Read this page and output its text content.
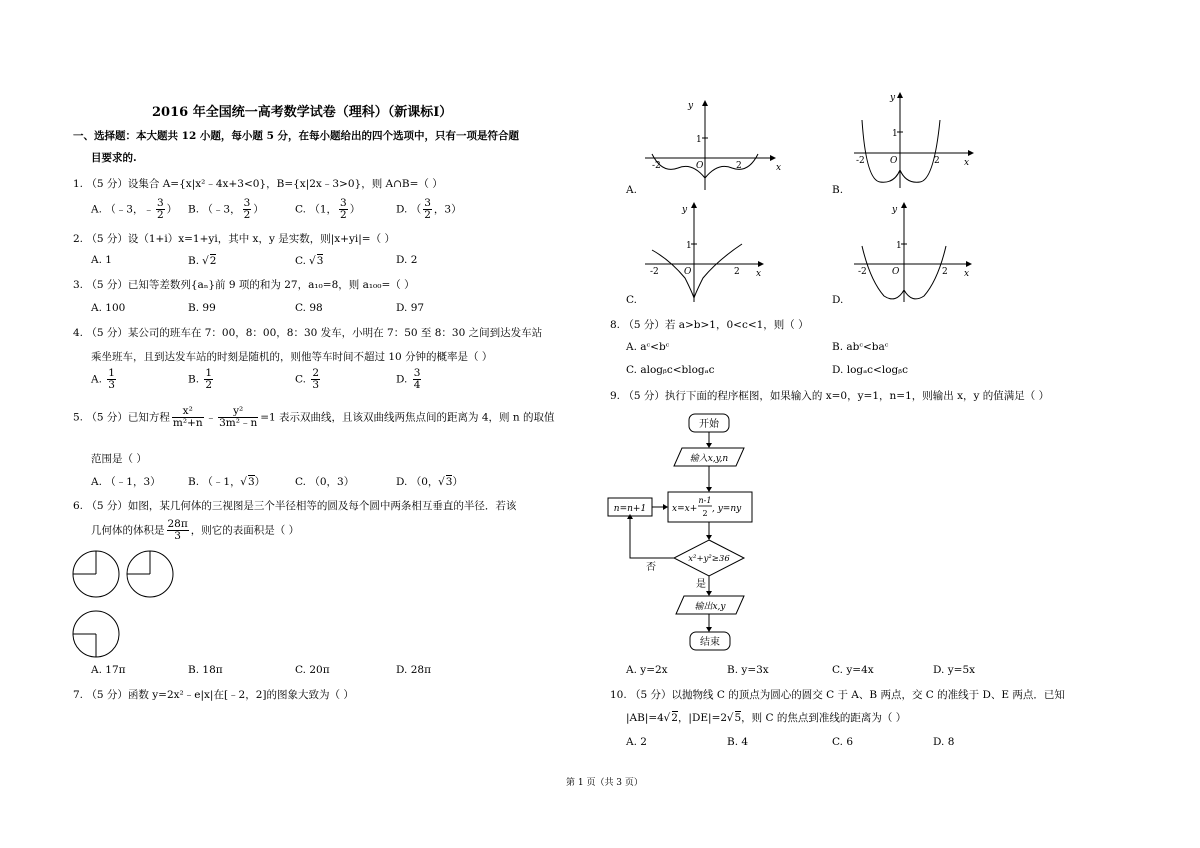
2016 年全国统一高考数学试卷（理科）（新课标Ⅰ）
一、选择题：本大题共 12 小题，每小题 5 分，在每小题给出的四个选项中，只有一项是符合题
目要求的.
1. （5 分）设集合 A={x|x²﹣4x+3<0}，B={x|2x﹣3>0}，则 A∩B=（ ）
A. （﹣3，﹣ $\frac{3}{2}$ ） B. （﹣3， $\frac{3}{2}$ ）	C. （1， $\frac{3}{2}$ ）	D. （ $\frac{3}{2}$ ，3）
2. （5 分）设（1+i）x=1+yi，其中 x，y 是实数，则|x+yi|=（ ）
A. 1	B. √ 2	C. √ 3	D. 2
3. （5 分）已知等差数列{aₙ}前 9 项的和为 27，a₁₀=8，则 a₁₀₀=（ ）
A. 100	B. 99	C. 98	D. 97
4. （5 分）某公司的班车在 7：00，8：00，8：30 发车，小明在 7：50 至 8：30 之间到达发车站
乘坐班车，且到达发车站的时刻是随机的，则他等车时间不超过 10 分钟的概率是（ ）
A. $\frac{1}{3}$	B. $\frac{1}{2}$	C. $\frac{2}{3}$	D. $\frac{3}{4}$
5. （5 分）已知方程 $\frac{\text{x²}}{\text{m²+n}}$ ﹣ $\frac{\text{y²}}{\text{3m²﹣n}} =1$ 表示双曲线，且该双曲线两焦点间的距离为 4，则 n 的取值
范围是（ ）
A. （﹣1，3）	B. （﹣1， √ 3）	C. （0，3）	D. （0， √ 3）
6. （5 分）如图，某几何体的三视图是三个半径相等的圆及每个圆中两条相互垂直的半径．若该
几何体的体积是 $\frac{28\pi}{3}$ ，则它的表面积是（ ）
A. 17π	B. 18π	C. 20π	D. 28π
7. （5 分）函数 y=2x²﹣e|x|在[﹣2，2]的图象大致为（ ）
y
x
1
O	2
-2
A.
y
x
1
O	2
-2
B.
y
x
1
O	2
-2
C.
y
x
1
O	2
-2
D.
8. （5 分）若 a>b>1，0<c<1，则（ ）
A. aᶜ<bᶜ	B. abᶜ<baᶜ
C. alogᵦc<blogₐc	D. logₐc<logᵦc
9. （5 分）执行下面的程序框图，如果输入的 x=0，y=1，n=1，则输出 x，y 的值满足（ ）
开始
输入x,y,n
x=x+
n-1
2 , y=ny
n=n+1
x²+y²≥36
否
是
输出x,y
结束
A. y=2x	B. y=3x	C. y=4x	D. y=5x
10. （5 分）以抛物线 C 的顶点为圆心的圆交 C 于 A、B 两点，交 C 的准线于 D、E 两点．已知
|AB|=4 √ 2，|DE|=2 √ 5，则 C 的焦点到准线的距离为（ ）
A. 2	B. 4	C. 6	D. 8
第 1 页（共 3 页）
